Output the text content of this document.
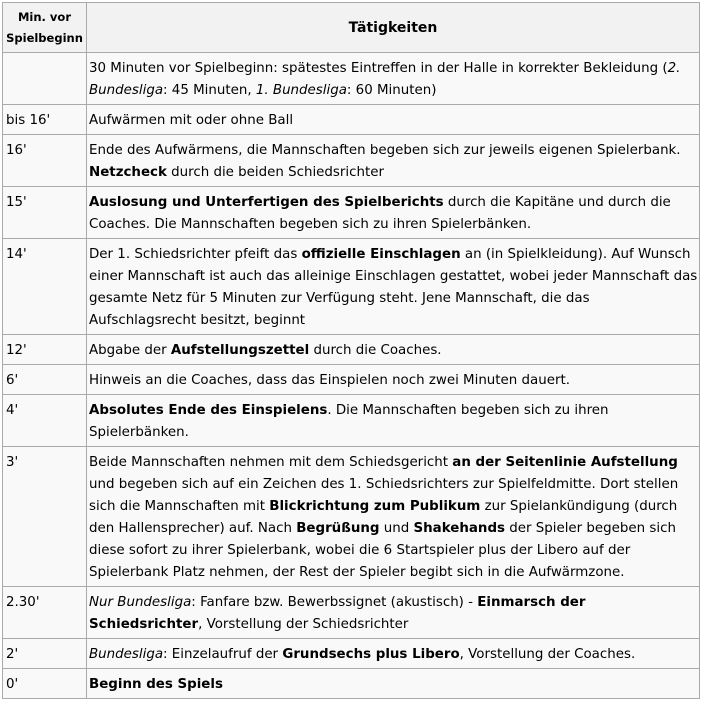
Min. vor Spielbeginn	Tätigkeiten
	30 Minuten vor Spielbeginn: spätestes Eintreffen in der Halle in korrekter Bekleidung (2. Bundesliga: 45 Minuten, 1. Bundesliga: 60 Minuten)
bis 16'	Aufwärmen mit oder ohne Ball
16'	Ende des Aufwärmens, die Mannschaften begeben sich zur jeweils eigenen Spielerbank. Netzcheck durch die beiden Schiedsrichter
15'	Auslosung und Unterfertigen des Spielberichts durch die Kapitäne und durch die Coaches. Die Mannschaften begeben sich zu ihren Spielerbänken.
14'	Der 1. Schiedsrichter pfeift das offizielle Einschlagen an (in Spielkleidung). Auf Wunsch einer Mannschaft ist auch das alleinige Einschlagen gestattet, wobei jeder Mannschaft das gesamte Netz für 5 Minuten zur Verfügung steht. Jene Mannschaft, die das Aufschlagsrecht besitzt, beginnt
12'	Abgabe der Aufstellungszettel durch die Coaches.
6'	Hinweis an die Coaches, dass das Einspielen noch zwei Minuten dauert.
4'	Absolutes Ende des Einspielens. Die Mannschaften begeben sich zu ihren Spielerbänken.
3'	Beide Mannschaften nehmen mit dem Schiedsgericht an der Seitenlinie Aufstellung und begeben sich auf ein Zeichen des 1. Schiedsrichters zur Spielfeldmitte. Dort stellen sich die Mannschaften mit Blickrichtung zum Publikum zur Spielankündigung (durch den Hallensprecher) auf. Nach Begrüßung und Shakehands der Spieler begeben sich diese sofort zu ihrer Spielerbank, wobei die 6 Startspieler plus der Libero auf der Spielerbank Platz nehmen, der Rest der Spieler begibt sich in die Aufwärmzone.
2.30'	Nur Bundesliga: Fanfare bzw. Bewerbssignet (akustisch) - Einmarsch der Schiedsrichter, Vorstellung der Schiedsrichter
2'	Bundesliga: Einzelaufruf der Grundsechs plus Libero, Vorstellung der Coaches.
0'	Beginn des Spiels
